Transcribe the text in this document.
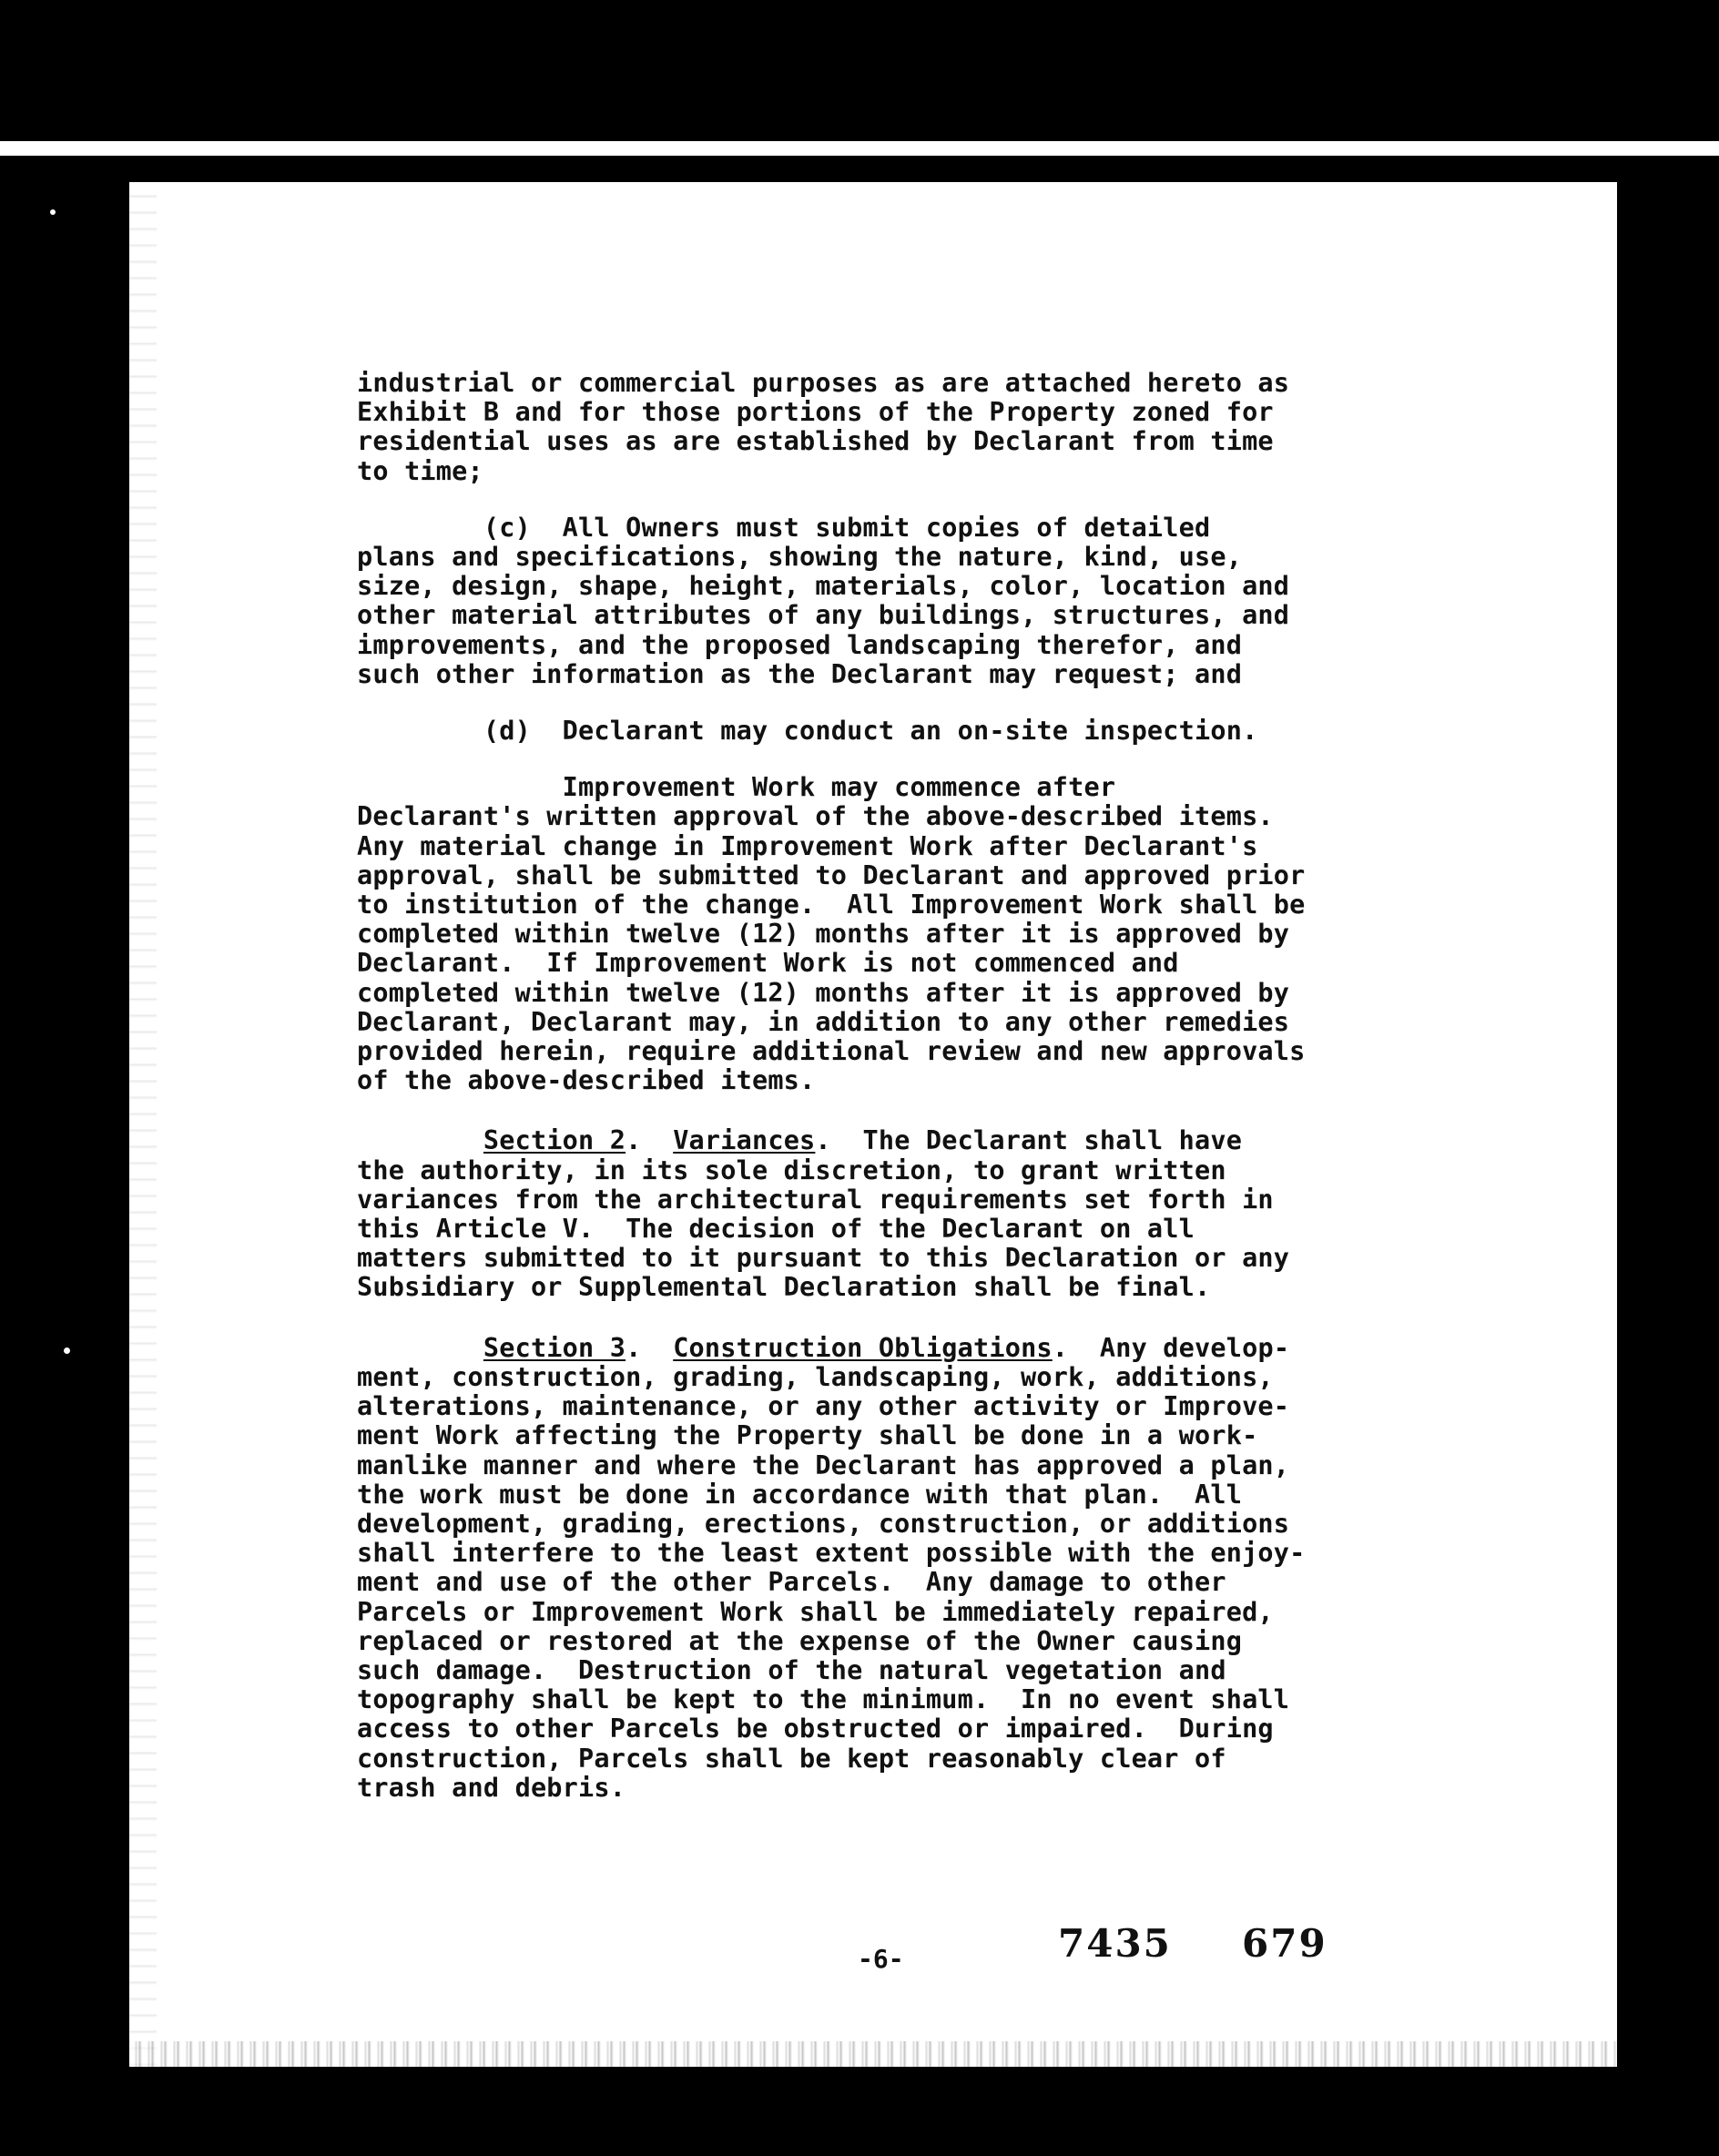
industrial or commercial purposes as are attached hereto as
Exhibit B and for those portions of the Property zoned for
residential uses as are established by Declarant from time
to time;
(c)  All Owners must submit copies of detailed
plans and specifications, showing the nature, kind, use,
size, design, shape, height, materials, color, location and
other material attributes of any buildings, structures, and
improvements, and the proposed landscaping therefor, and
such other information as the Declarant may request; and
(d)  Declarant may conduct an on-site inspection.
Improvement Work may commence after
Declarant's written approval of the above-described items.
Any material change in Improvement Work after Declarant's
approval, shall be submitted to Declarant and approved prior
to institution of the change.  All Improvement Work shall be
completed within twelve (12) months after it is approved by
Declarant.  If Improvement Work is not commenced and
completed within twelve (12) months after it is approved by
Declarant, Declarant may, in addition to any other remedies
provided herein, require additional review and new approvals
of the above-described items.
Section 2.  Variances.  The Declarant shall have
the authority, in its sole discretion, to grant written
variances from the architectural requirements set forth in
this Article V.  The decision of the Declarant on all
matters submitted to it pursuant to this Declaration or any
Subsidiary or Supplemental Declaration shall be final.
Section 3.  Construction Obligations.  Any develop-
ment, construction, grading, landscaping, work, additions,
alterations, maintenance, or any other activity or Improve-
ment Work affecting the Property shall be done in a work-
manlike manner and where the Declarant has approved a plan,
the work must be done in accordance with that plan.  All
development, grading, erections, construction, or additions
shall interfere to the least extent possible with the enjoy-
ment and use of the other Parcels.  Any damage to other
Parcels or Improvement Work shall be immediately repaired,
replaced or restored at the expense of the Owner causing
such damage.  Destruction of the natural vegetation and
topography shall be kept to the minimum.  In no event shall
access to other Parcels be obstructed or impaired.  During
construction, Parcels shall be kept reasonably clear of
trash and debris.
-6-	7435 679
